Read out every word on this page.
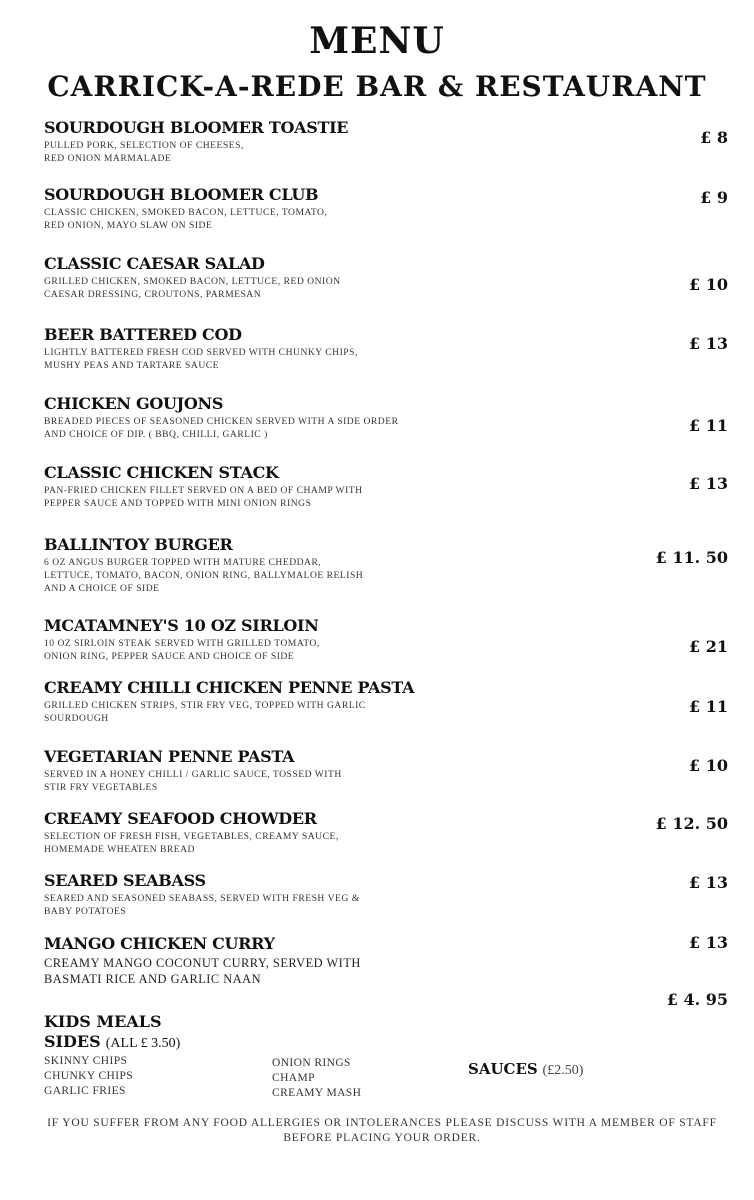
MENU
CARRICK-A-REDE BAR & RESTAURANT
SOURDOUGH BLOOMER TOASTIE
PULLED PORK, SELECTION OF CHEESES,
RED ONION MARMALADE
£ 8
SOURDOUGH BLOOMER CLUB
CLASSIC CHICKEN, SMOKED BACON, LETTUCE, TOMATO,
RED ONION, MAYO SLAW ON SIDE
£ 9
CLASSIC CAESAR SALAD
GRILLED CHICKEN, SMOKED BACON, LETTUCE, RED ONION
CAESAR DRESSING, CROUTONS, PARMESAN
£ 10
BEER BATTERED COD
LIGHTLY BATTERED FRESH COD SERVED WITH CHUNKY CHIPS,
MUSHY PEAS AND TARTARE SAUCE
£ 13
CHICKEN GOUJONS
BREADED PIECES OF SEASONED CHICKEN SERVED WITH A SIDE ORDER
AND CHOICE OF DIP. ( BBQ, CHILLI, GARLIC )	£ 11
CLASSIC CHICKEN STACK
PAN-FRIED CHICKEN FILLET SERVED ON A BED OF CHAMP WITH
PEPPER SAUCE AND TOPPED WITH MINI ONION RINGS
£ 13
BALLINTOY BURGER
6 OZ ANGUS BURGER TOPPED WITH MATURE CHEDDAR,
LETTUCE, TOMATO, BACON, ONION RING, BALLYMALOE RELISH
AND A CHOICE OF SIDE
£ 11. 50
MCATAMNEY'S 10 OZ SIRLOIN
10 OZ SIRLOIN STEAK SERVED WITH GRILLED TOMATO,
ONION RING, PEPPER SAUCE AND CHOICE OF SIDE
£ 21
CREAMY CHILLI CHICKEN PENNE PASTA
GRILLED CHICKEN STRIPS, STIR FRY VEG, TOPPED WITH GARLIC
SOURDOUGH
£ 11
VEGETARIAN PENNE PASTA
SERVED IN A HONEY CHILLI / GARLIC SAUCE, TOSSED WITH
STIR FRY VEGETABLES
£ 10
CREAMY SEAFOOD CHOWDER
SELECTION OF FRESH FISH, VEGETABLES, CREAMY SAUCE,
HOMEMADE WHEATEN BREAD
£ 12. 50
SEARED SEABASS
SEARED AND SEASONED SEABASS, SERVED WITH FRESH VEG &
BABY POTATOES
£ 13
MANGO CHICKEN CURRY
CREAMY MANGO COCONUT CURRY, SERVED WITH
BASMATI RICE AND GARLIC NAAN
£ 13
£ 4. 95
KIDS MEALS
SIDES (ALL £ 3.50)
SKINNY CHIPS
CHUNKY CHIPS
GARLIC FRIES
ONION RINGS
CHAMP
CREAMY MASH
SAUCES (£2.50)
IF YOU SUFFER FROM ANY FOOD ALLERGIES OR INTOLERANCES PLEASE DISCUSS WITH A MEMBER OF STAFF
BEFORE PLACING YOUR ORDER.
